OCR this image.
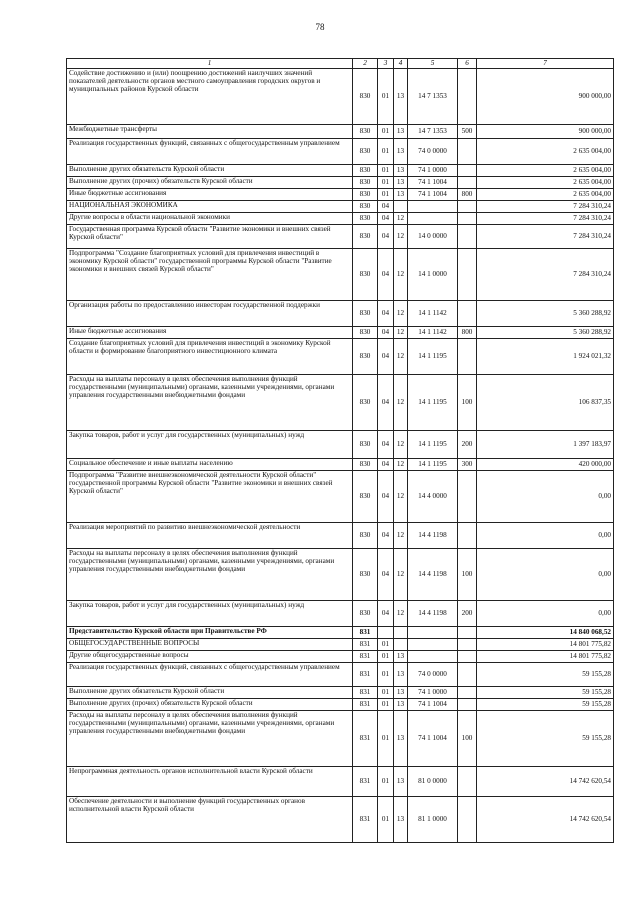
78
1	2	3	4	5	6	7
Содействие достижению и (или) поощрению достижений наилучших значений показателей деятельности органов местного самоуправления городских округов и муниципальных районов Курской области	830	01	13	14 7 1353		900 000,00
Межбюджетные трансферты	830	01	13	14 7 1353	500	900 000,00
Реализация государственных функций, связанных с общегосударственным управлением	830	01	13	74 0 0000		2 635 004,00
Выполнение других обязательств Курской области	830	01	13	74 1 0000		2 635 004,00
Выполнение других (прочих) обязательств Курской области	830	01	13	74 1 1004		2 635 004,00
Иные бюджетные ассигнования	830	01	13	74 1 1004	800	2 635 004,00
НАЦИОНАЛЬНАЯ ЭКОНОМИКА	830	04				7 284 310,24
Другие вопросы в области национальной экономики	830	04	12			7 284 310,24
Государственная программа Курской области "Развитие экономики и внешних связей Курской области"	830	04	12	14 0 0000		7 284 310,24
Подпрограмма "Создание благоприятных условий для привлечения инвестиций в экономику Курской области" государственной программы Курской области "Развитие экономики и внешних связей Курской области"	830	04	12	14 1 0000		7 284 310,24
Организация работы по предоставлению инвесторам государственной поддержки	830	04	12	14 1 1142		5 360 288,92
Иные бюджетные ассигнования	830	04	12	14 1 1142	800	5 360 288,92
Создание благоприятных условий для привлечения инвестиций в экономику Курской области и формирование благоприятного инвестиционного климата	830	04	12	14 1 1195		1 924 021,32
Расходы на выплаты персоналу в целях обеспечения выполнения функций государственными (муниципальными) органами, казенными учреждениями, органами управления государственными внебюджетными фондами	830	04	12	14 1 1195	100	106 837,35
Закупка товаров, работ и услуг для государственных (муниципальных) нужд	830	04	12	14 1 1195	200	1 397 183,97
Социальное обеспечение и иные выплаты населению	830	04	12	14 1 1195	300	420 000,00
Подпрограмма "Развитие внешнеэкономической деятельности Курской области" государственной программы Курской области "Развитие экономики и внешних связей Курской области"	830	04	12	14 4 0000		0,00
Реализация мероприятий по развитию внешнеэкономической деятельности	830	04	12	14 4 1198		0,00
Расходы на выплаты персоналу в целях обеспечения выполнения функций государственными (муниципальными) органами, казенными учреждениями, органами управления государственными внебюджетными фондами	830	04	12	14 4 1198	100	0,00
Закупка товаров, работ и услуг для государственных (муниципальных) нужд	830	04	12	14 4 1198	200	0,00
Представительство Курской области при Правительстве РФ	831					14 840 068,52
ОБЩЕГОСУДАРСТВЕННЫЕ ВОПРОСЫ	831	01				14 801 775,82
Другие общегосударственные вопросы	831	01	13			14 801 775,82
Реализация государственных функций, связанных с общегосударственным управлением	831	01	13	74 0 0000		59 155,28
Выполнение других обязательств Курской области	831	01	13	74 1 0000		59 155,28
Выполнение других (прочих) обязательств Курской области	831	01	13	74 1 1004		59 155,28
Расходы на выплаты персоналу в целях обеспечения выполнения функций государственными (муниципальными) органами, казенными учреждениями, органами управления государственными внебюджетными фондами	831	01	13	74 1 1004	100	59 155,28
Непрограммная деятельность органов исполнительной власти Курской области	831	01	13	81 0 0000		14 742 620,54
Обеспечение деятельности и выполнение функций государственных органов исполнительной власти Курской области	831	01	13	81 1 0000		14 742 620,54
